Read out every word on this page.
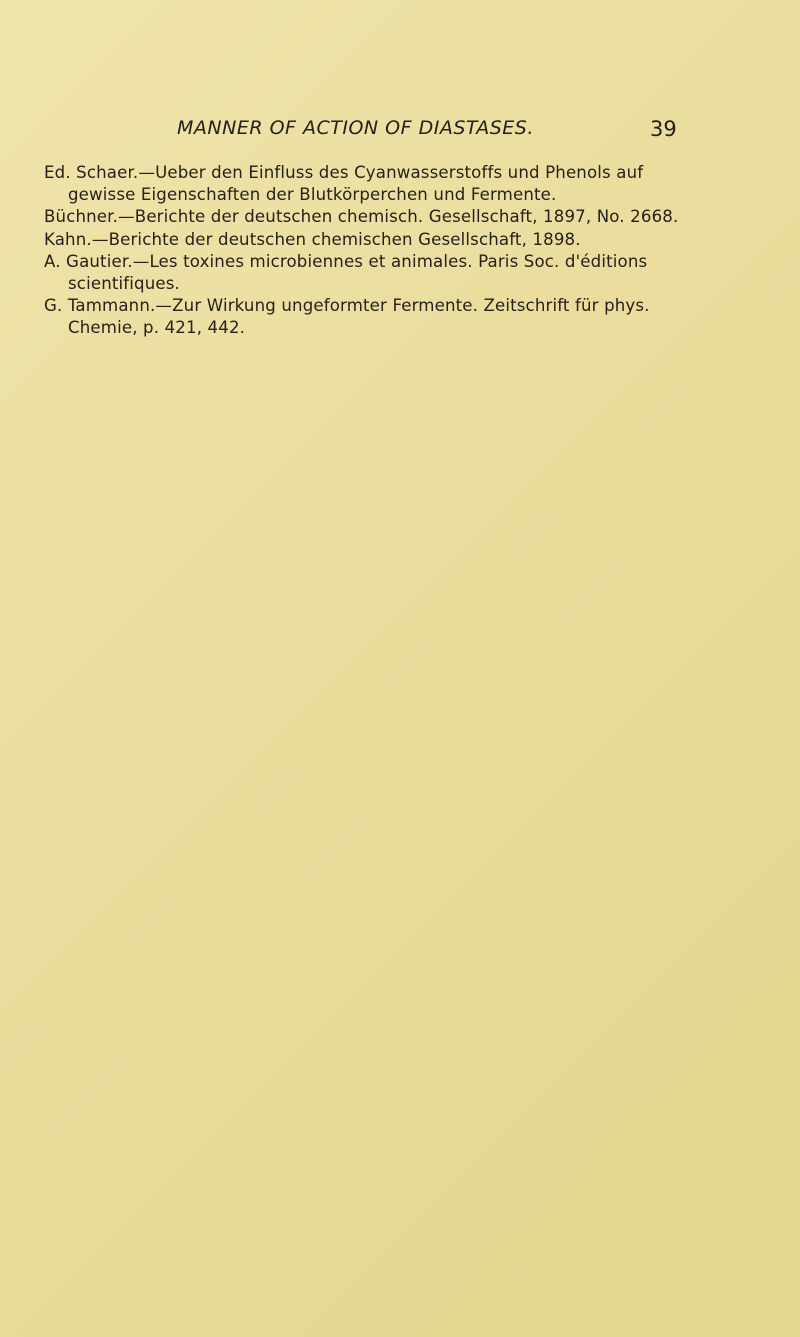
MANNER OF ACTION OF DIASTASES.	39
Ed. Schaer.—Ueber den Einfluss des Cyanwasserstoffs und Phenols auf gewisse Eigenschaften der Blutkörperchen und Fermente.
Büchner.—Berichte der deutschen chemisch. Gesellschaft, 1897, No. 2668.
Kahn.—Berichte der deutschen chemischen Gesellschaft, 1898.
A. Gautier.—Les toxines microbiennes et animales. Paris Soc. d'éditions scientifiques.
G. Tammann.—Zur Wirkung ungeformter Fermente. Zeitschrift für phys. Chemie, p. 421, 442.
